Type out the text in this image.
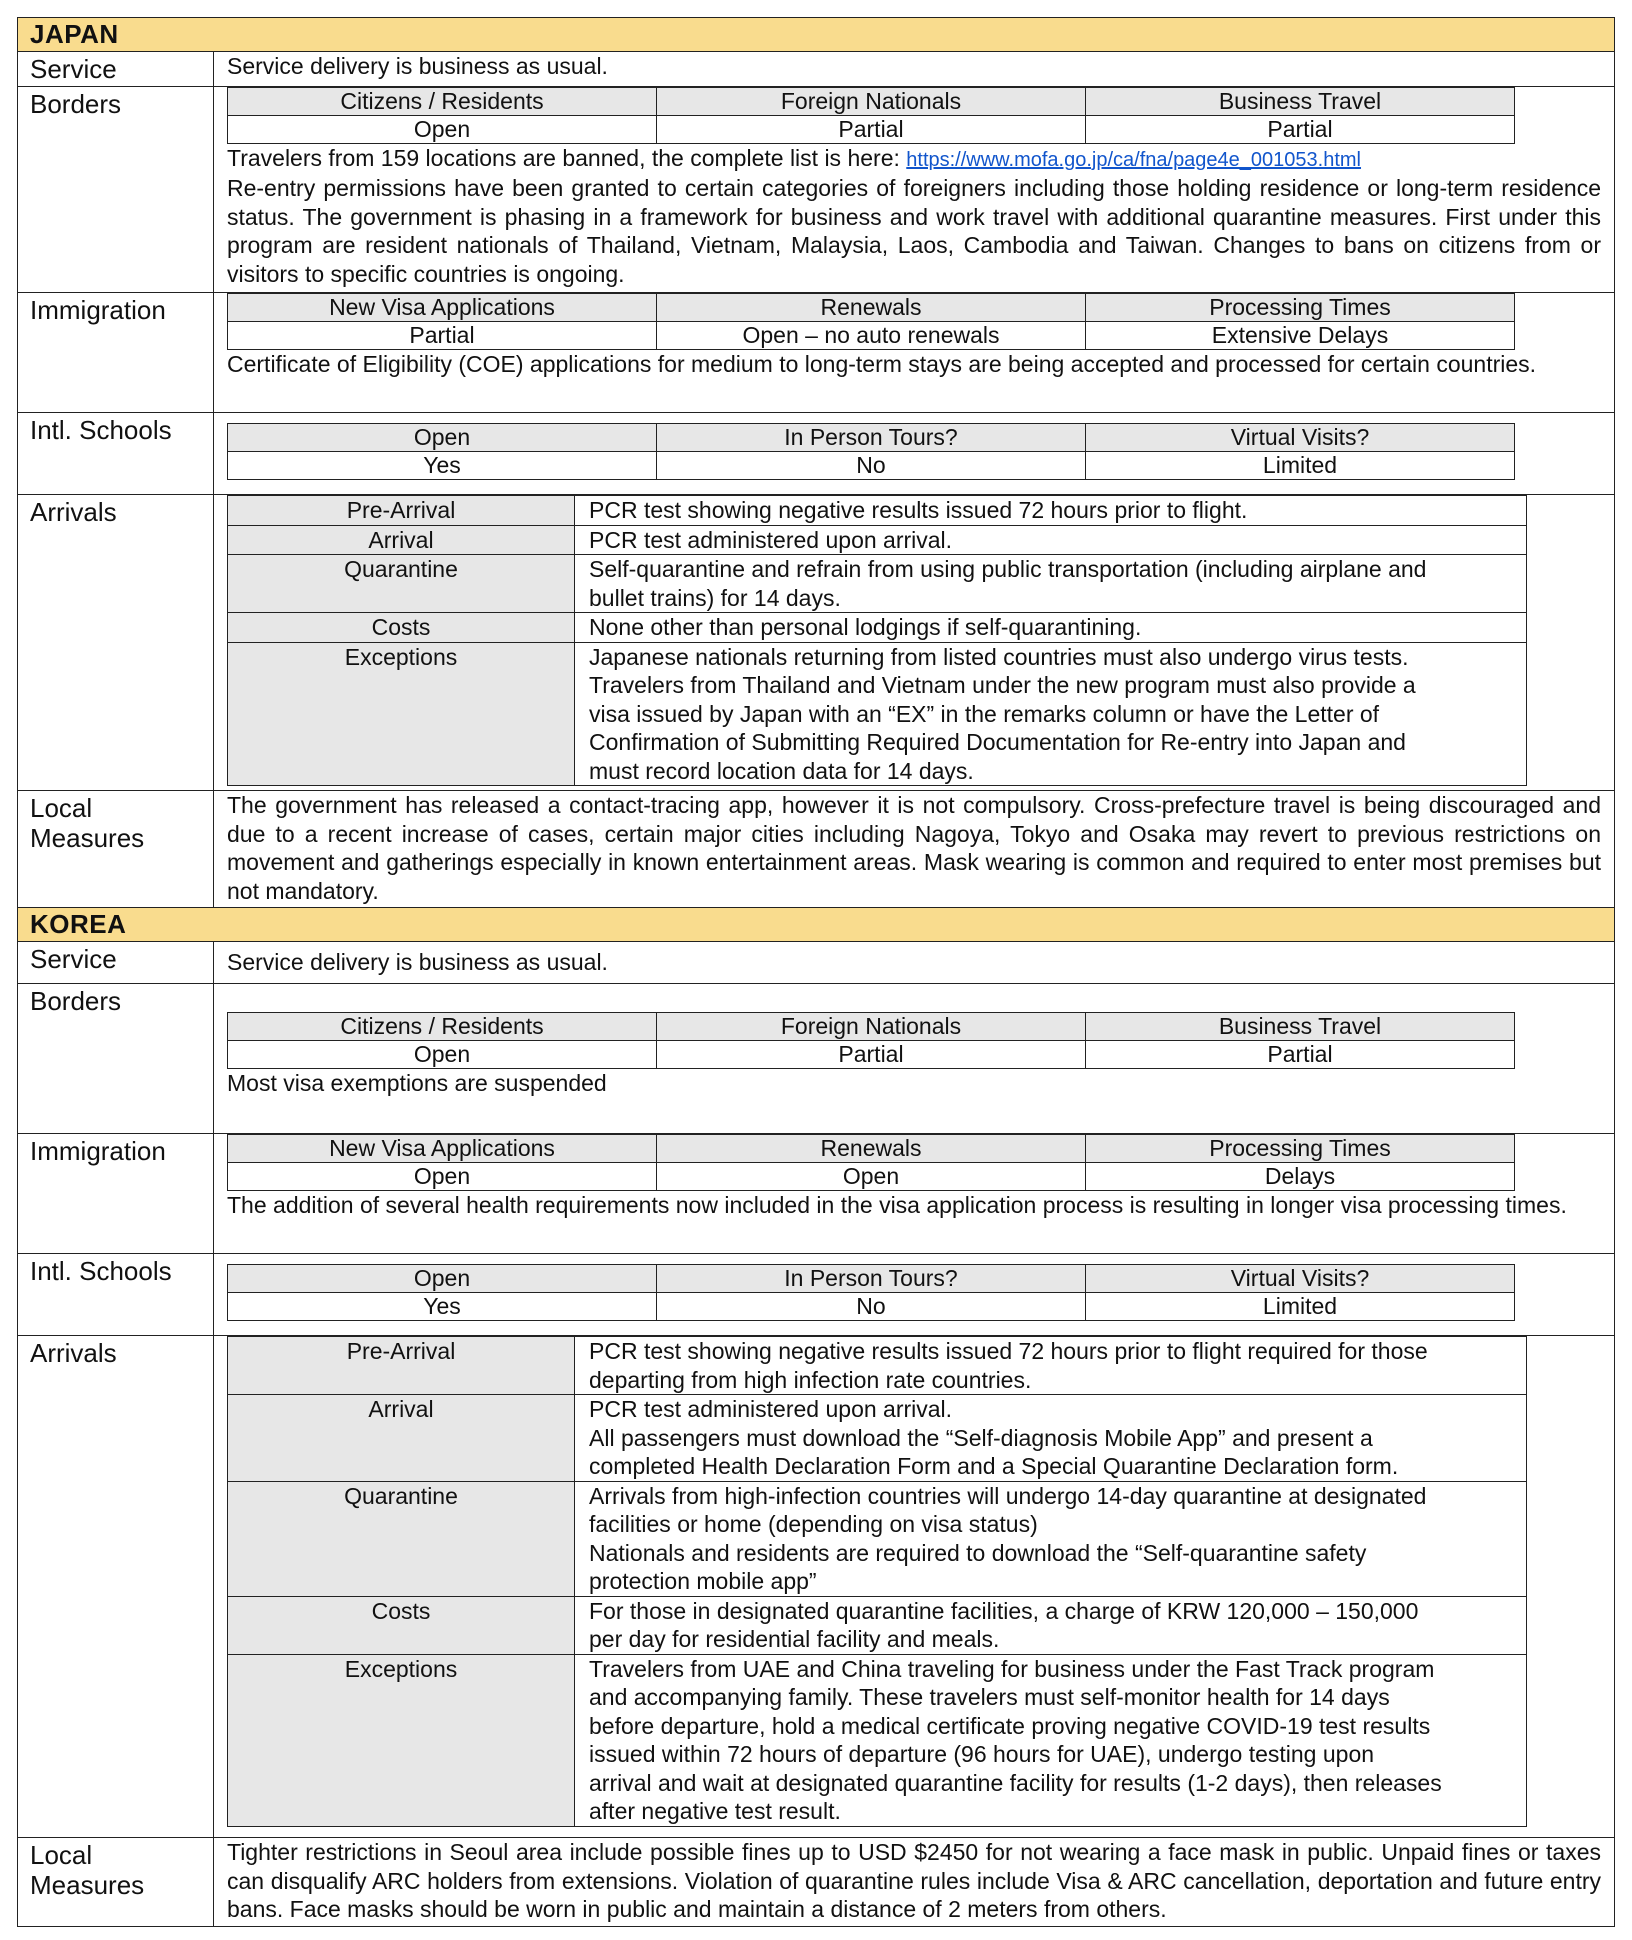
JAPAN
Service	Service delivery is business as usual.
Borders		Citizens / Residents	Foreign Nationals	Business Travel
Open	Partial	Partial
Travelers from 159 locations are banned, the complete list is here: https://www.mofa.go.jp/ca/fna/page4e_001053.html
Re-entry permissions have been granted to certain categories of foreigners including those holding residence or long-term residence status. The government is phasing in a framework for business and work travel with additional quarantine measures. First under this program are resident nationals of Thailand, Vietnam, Malaysia, Laos, Cambodia and Taiwan. Changes to bans on citizens from or visitors to specific countries is ongoing.

Immigration		New Visa Applications	Renewals	Processing Times
Partial	Open – no auto renewals	Extensive Delays
Certificate of Eligibility (COE) applications for medium to long-term stays are being accepted and processed for certain countries.

Intl. Schools		Open	In Person Tours?	Virtual Visits?
Yes	No	Limited

Arrivals		Pre-Arrival	PCR test showing negative results issued 72 hours prior to flight.

Arrival	PCR test administered upon arrival.

Quarantine	Self-quarantine and refrain from using public transportation (including airplane and
bullet trains) for 14 days.

Costs	None other than personal lodgings if self-quarantining.

Exceptions	Japanese nationals returning from listed countries must also undergo virus tests.
Travelers from Thailand and Vietnam under the new program must also provide a
visa issued by Japan with an “EX” in the remarks column or have the Letter of
Confirmation of Submitting Required Documentation for Re-entry into Japan and
must record location data for 14 days.

Local Measures	The government has released a contact-tracing app, however it is not compulsory. Cross-prefecture travel is being discouraged and due to a recent increase of cases, certain major cities including Nagoya, Tokyo and Osaka may revert to previous restrictions on movement and gatherings especially in known entertainment areas. Mask wearing is common and required to enter most premises but not mandatory.
KOREA
Service	Service delivery is business as usual.
Borders	
Citizens / Residents	Foreign Nationals	Business Travel
Open	Partial	Partial
Most visa exemptions are suspended

Immigration		New Visa Applications	Renewals	Processing Times
Open	Open	Delays
The addition of several health requirements now included in the visa application process is resulting in longer visa processing times.

Intl. Schools		Open	In Person Tours?	Virtual Visits?
Yes	No	Limited

Arrivals		Pre-Arrival	PCR test showing negative results issued 72 hours prior to flight required for those
departing from high infection rate countries.

Arrival	PCR test administered upon arrival.
All passengers must download the “Self-diagnosis Mobile App” and present a
completed Health Declaration Form and a Special Quarantine Declaration form.

Quarantine	Arrivals from high-infection countries will undergo 14-day quarantine at designated
facilities or home (depending on visa status)
Nationals and residents are required to download the “Self-quarantine safety
protection mobile app”

Costs	For those in designated quarantine facilities, a charge of KRW 120,000 – 150,000
per day for residential facility and meals.

Exceptions	Travelers from UAE and China traveling for business under the Fast Track program
and accompanying family. These travelers must self-monitor health for 14 days
before departure, hold a medical certificate proving negative COVID-19 test results
issued within 72 hours of departure (96 hours for UAE), undergo testing upon
arrival and wait at designated quarantine facility for results (1-2 days), then releases
after negative test result.

Local Measures	Tighter restrictions in Seoul area include possible fines up to USD $2450 for not wearing a face mask in public. Unpaid fines or taxes can disqualify ARC holders from extensions. Violation of quarantine rules include Visa & ARC cancellation, deportation and future entry bans. Face masks should be worn in public and maintain a distance of 2 meters from others.
